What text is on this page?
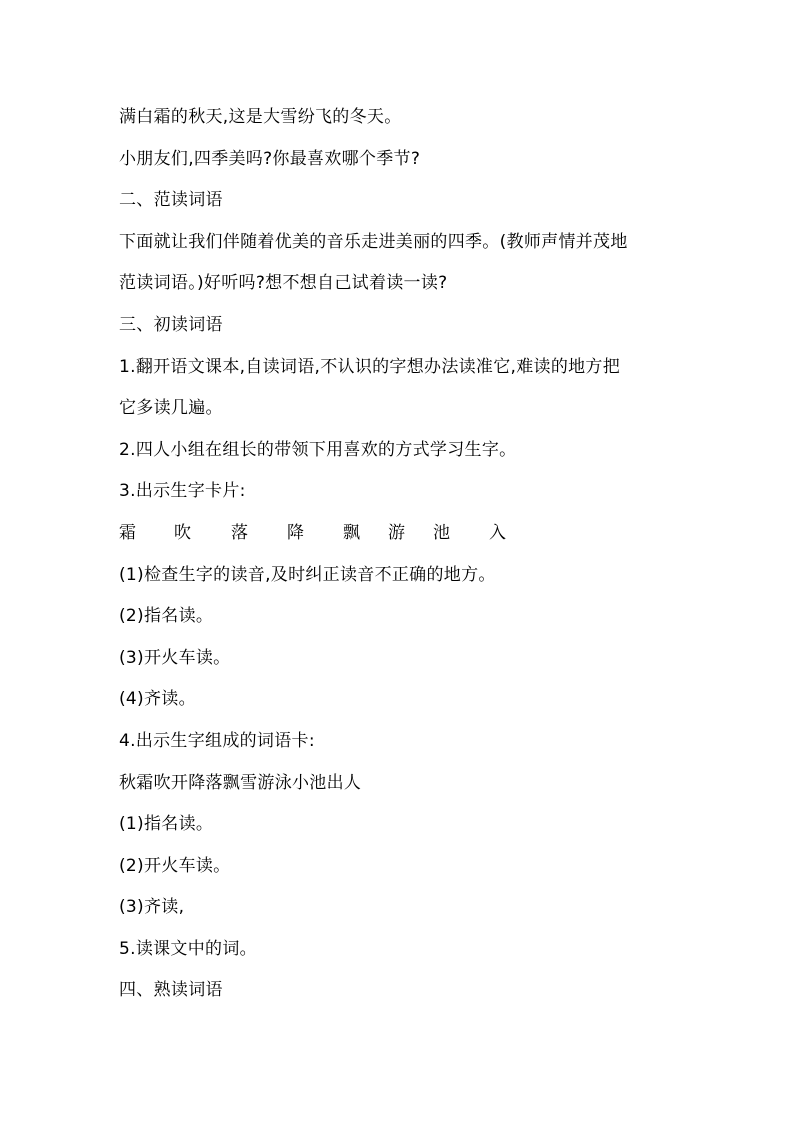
满白霜的秋天,这是大雪纷飞的冬天。
小朋友们,四季美吗?你最喜欢哪个季节?
二、范读词语
下面就让我们伴随着优美的音乐走进美丽的四季。(教师声情并茂地
范读词语。)好听吗?想不想自己试着读一读?
三、初读词语
1.翻开语文课本,自读词语,不认识的字想办法读准它,难读的地方把
它多读几遍。
2.四人小组在组长的带领下用喜欢的方式学习生字。
3.出示生字卡片:
霜	吹	落	降	飘	游	池	入
(1)检查生字的读音,及时纠正读音不正确的地方。
(2)指名读。
(3)开火车读。
(4)齐读。
4.出示生字组成的词语卡:
秋霜吹开降落飘雪游泳小池出人
(1)指名读。
(2)开火车读。
(3)齐读,
5.读课文中的词。
四、熟读词语
